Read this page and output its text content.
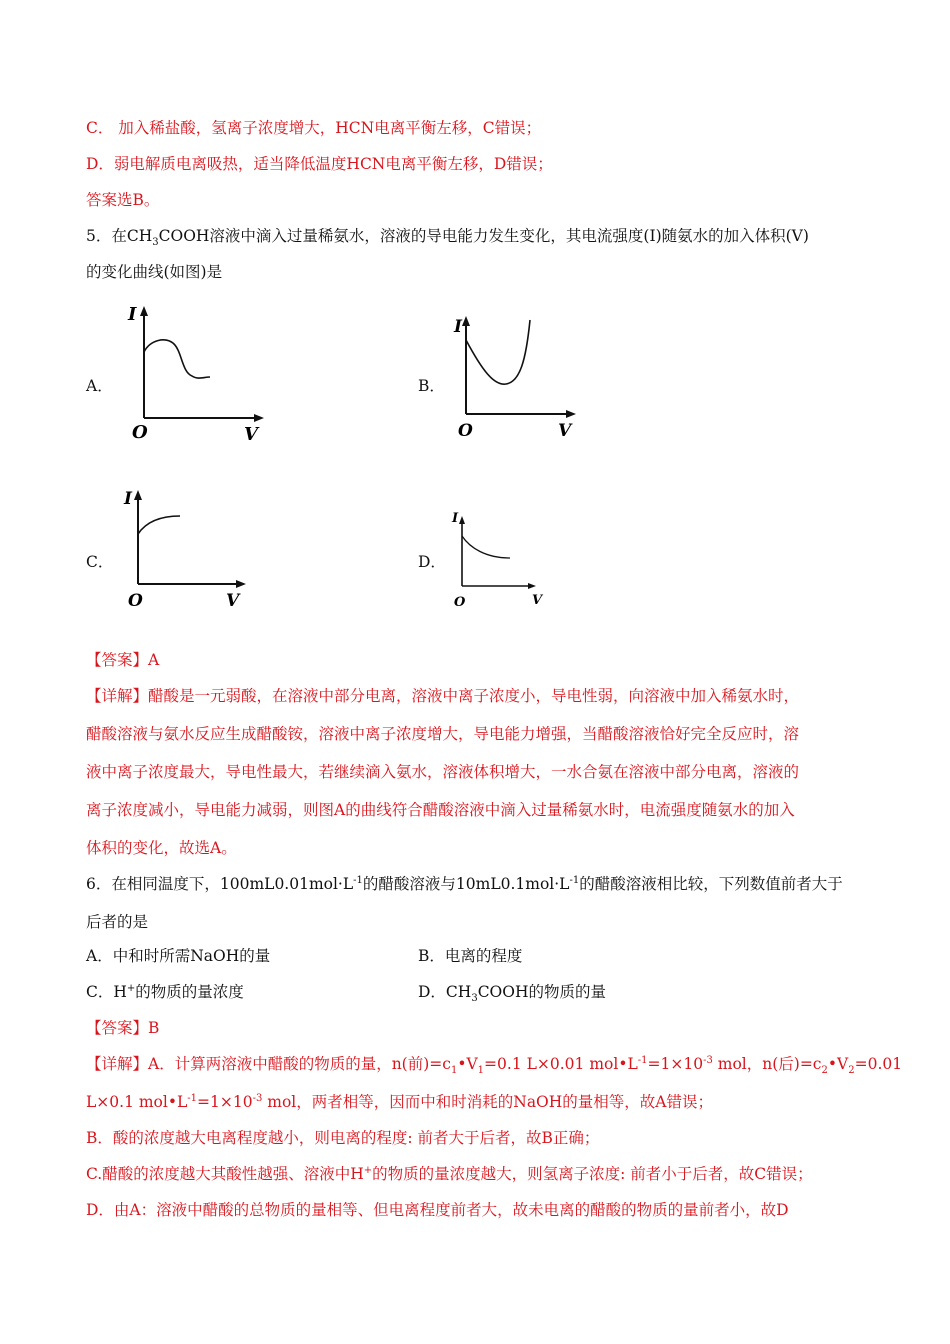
C． 加入稀盐酸，氢离子浓度增大，HCN电离平衡左移，C错误；
D．弱电解质电离吸热，适当降低温度HCN电离平衡左移，D错误；
答案选B。
5．在$CH_3COOH$溶液中滴入过量稀氨水，溶液的导电能力发生变化，其电流强度(I)随氨水的加入体积(V)
的变化曲线(如图)是
A．	B．
C．	D．
I
O	V
I
O	V
I
O	V
I
O	V
【答案】A
【详解】醋酸是一元弱酸，在溶液中部分电离，溶液中离子浓度小，导电性弱，向溶液中加入稀氨水时，
醋酸溶液与氨水反应生成醋酸铵，溶液中离子浓度增大，导电能力增强，当醋酸溶液恰好完全反应时，溶
液中离子浓度最大，导电性最大，若继续滴入氨水，溶液体积增大，一水合氨在溶液中部分电离，溶液的
离子浓度减小，导电能力减弱，则图A的曲线符合醋酸溶液中滴入过量稀氨水时，电流强度随氨水的加入
体积的变化，故选A。
6．在相同温度下，$100mL0.01mol\cdot L^{-1}$的醋酸溶液与$10mL0.1mol\cdot L^{-1}$的醋酸溶液相比较，下列数值前者大于
后者的是
A．中和时所需NaOH的量	B．电离的程度
C．H+的物质的量浓度	D．$CH_3COOH$的物质的量
【答案】B
【详解】A．计算两溶液中醋酸的物质的量，n(前)$=c_1•V_1=0.1$ L×0.01 $mol•L^{-1}=1\times 10^{-3}$ mol，n(后)$=c_2•V_2=0.01$
L×0.1 $mol•L^{-1}=1\times 10^{-3}$ mol，两者相等，因而中和时消耗的NaOH的量相等，故A错误；
B．酸的浓度越大电离程度越小，则电离的程度: 前者大于后者，故B正确；
C.醋酸的浓度越大其酸性越强、溶液中H+的物质的量浓度越大，则氢离子浓度: 前者小于后者，故C错误；
D．由A：溶液中醋酸的总物质的量相等、但电离程度前者大，故未电离的醋酸的物质的量前者小，故D
